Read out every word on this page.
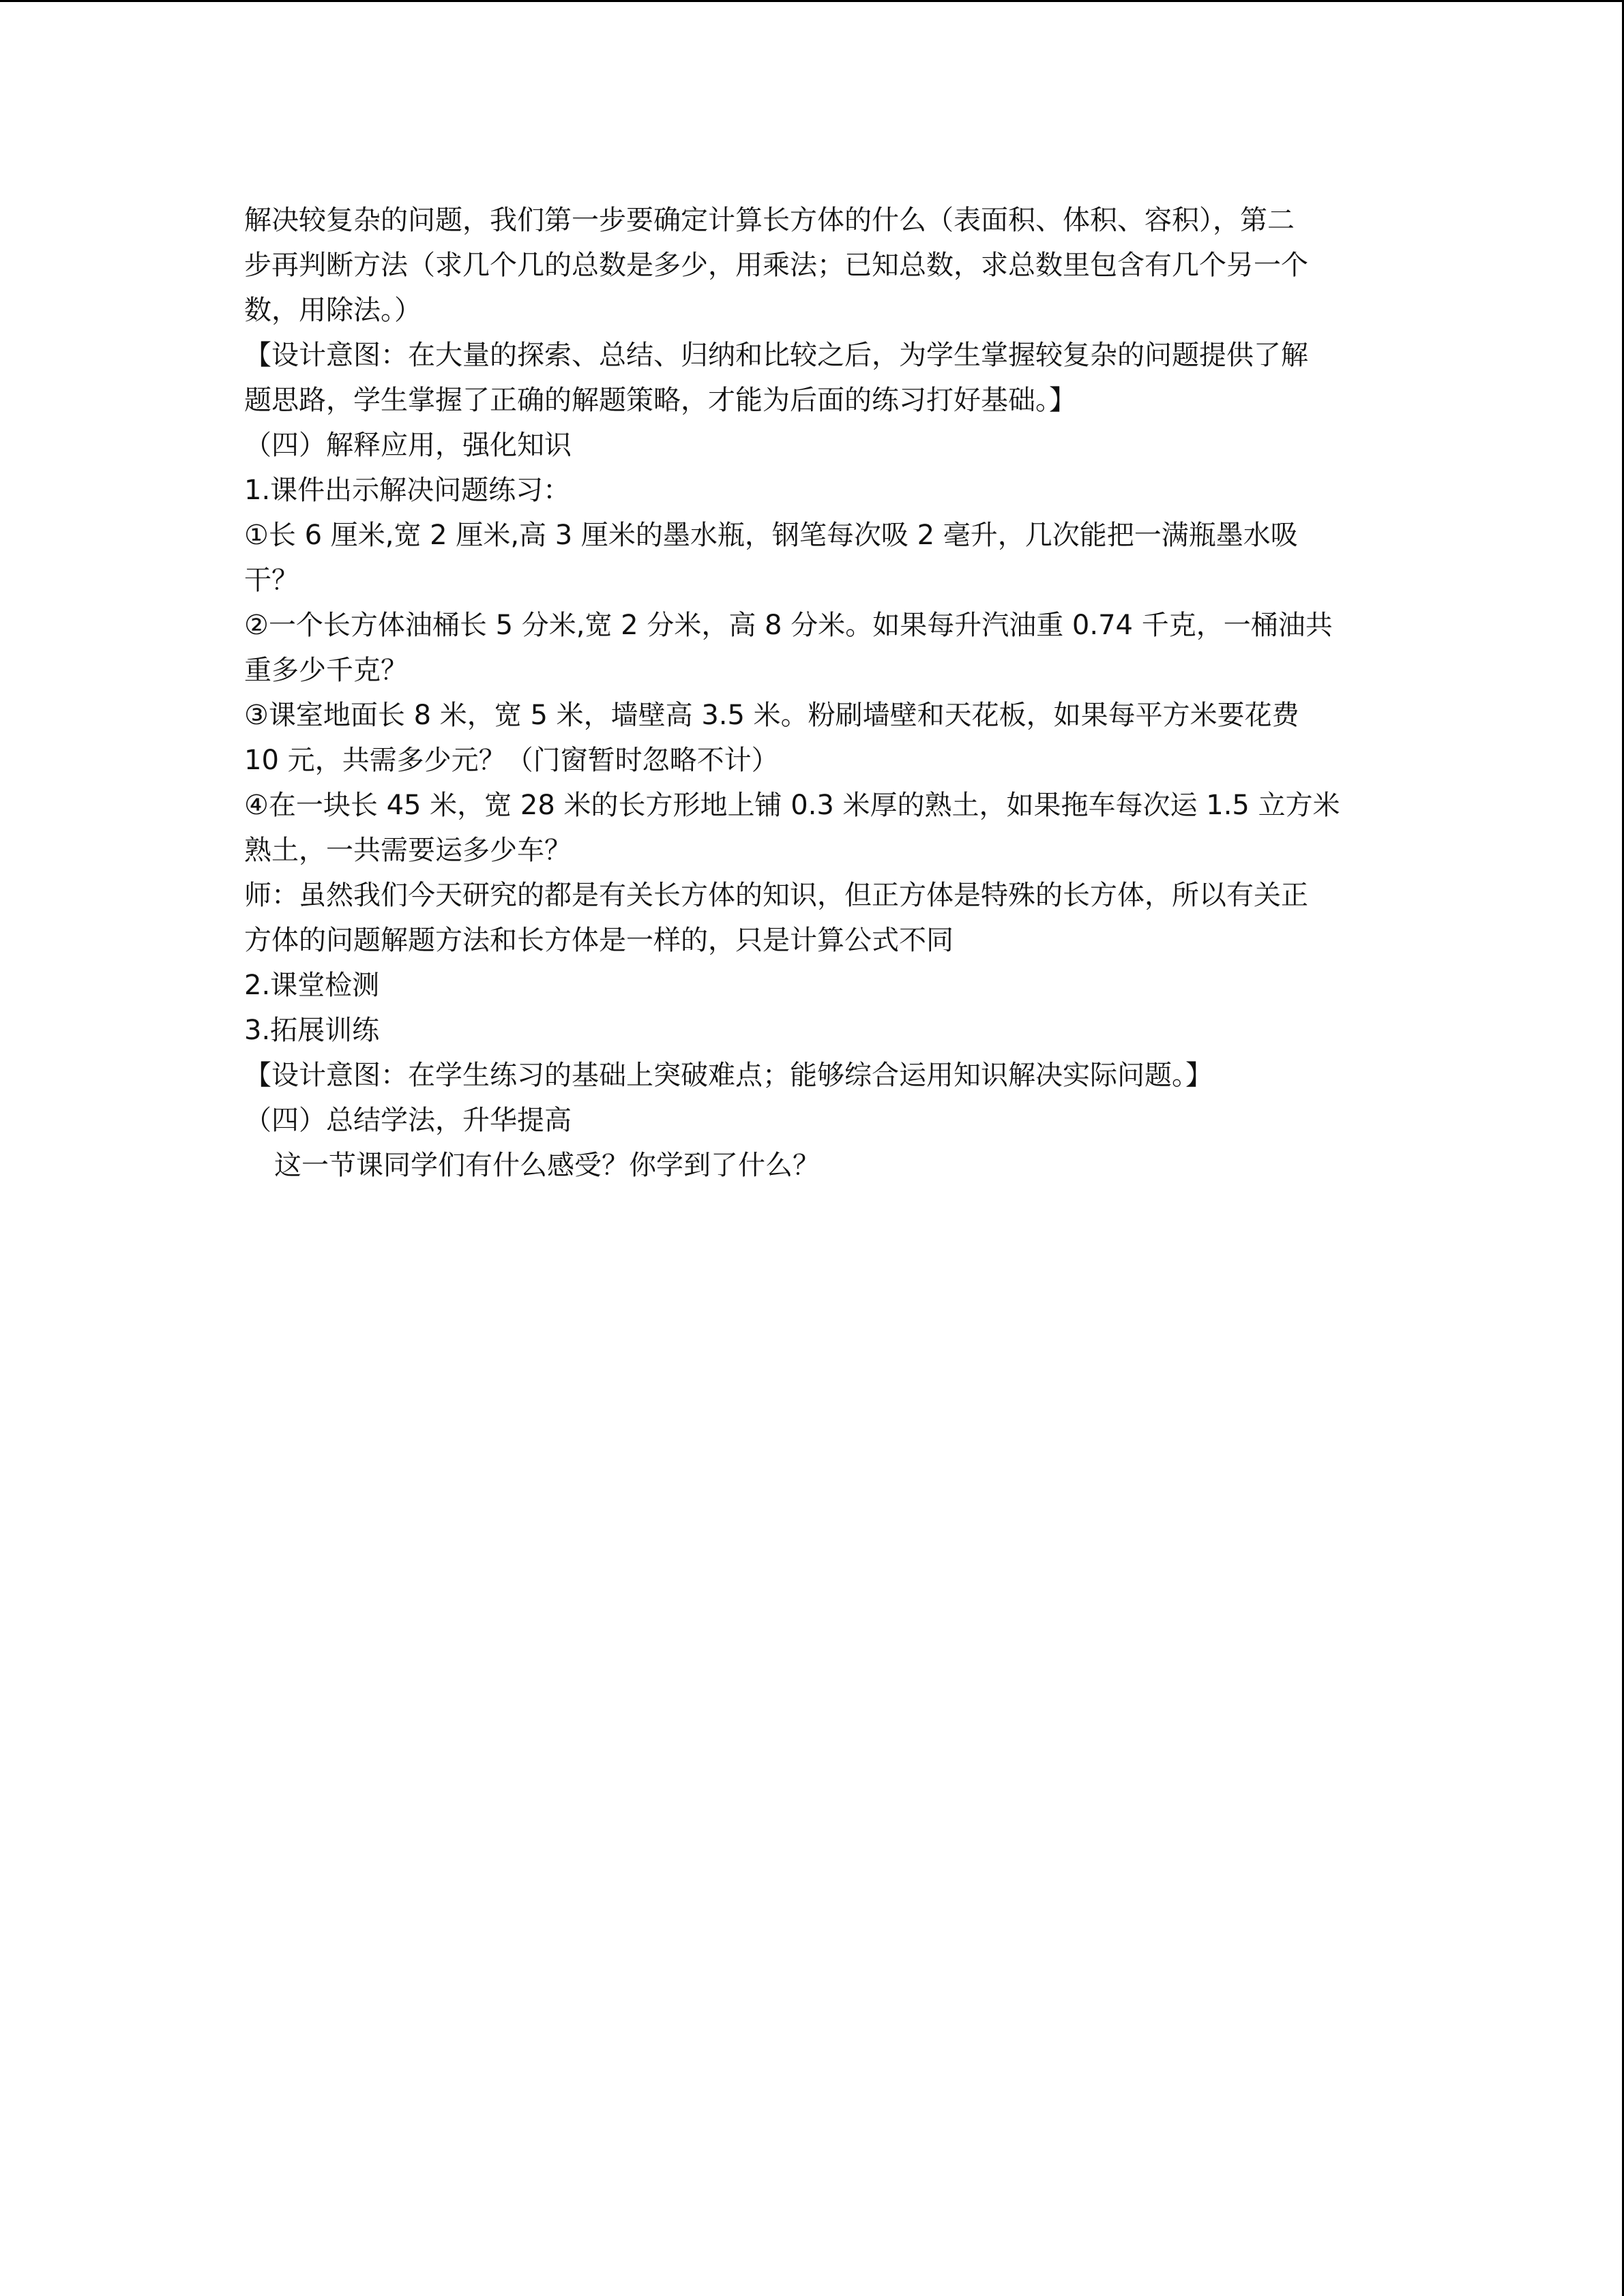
解决较复杂的问题，我们第一步要确定计算长方体的什么（表面积、体积、容积），第二
步再判断方法（求几个几的总数是多少，用乘法；已知总数，求总数里包含有几个另一个
数，用除法。）
【设计意图：在大量的探索、总结、归纳和比较之后，为学生掌握较复杂的问题提供了解
题思路，学生掌握了正确的解题策略，才能为后面的练习打好基础。】
（四）解释应用，强化知识
1.课件出示解决问题练习：
①长 6 厘米,宽 2 厘米,高 3 厘米的墨水瓶，钢笔每次吸 2 毫升，几次能把一满瓶墨水吸
干？
②一个长方体油桶长 5 分米,宽 2 分米，高 8 分米。如果每升汽油重 0.74 千克，一桶油共
重多少千克？
③课室地面长 8 米，宽 5 米，墙壁高 3.5 米。粉刷墙壁和天花板，如果每平方米要花费
10 元，共需多少元？（门窗暂时忽略不计）
④在一块长 45 米，宽 28 米的长方形地上铺 0.3 米厚的熟土，如果拖车每次运 1.5 立方米
熟土，一共需要运多少车？
师：虽然我们今天研究的都是有关长方体的知识，但正方体是特殊的长方体，所以有关正
方体的问题解题方法和长方体是一样的，只是计算公式不同
2.课堂检测
3.拓展训练
【设计意图：在学生练习的基础上突破难点；能够综合运用知识解决实际问题。】
（四）总结学法，升华提高
这一节课同学们有什么感受？你学到了什么？
